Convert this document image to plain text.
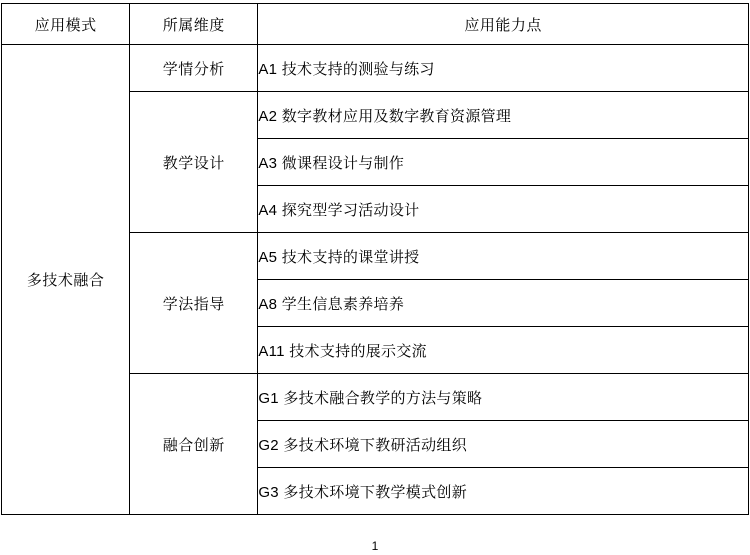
应用模式	所属维度	应用能力点
多技术融合	学情分析	A1 技术支持的测验与练习
	教学设计	A2 数字教材应用及数字教育资源管理
		A3 微课程设计与制作
		A4 探究型学习活动设计
	学法指导	A5 技术支持的课堂讲授
		A8 学生信息素养培养
		A11 技术支持的展示交流
	融合创新	G1 多技术融合教学的方法与策略
		G2 多技术环境下教研活动组织
		G3 多技术环境下教学模式创新
1
